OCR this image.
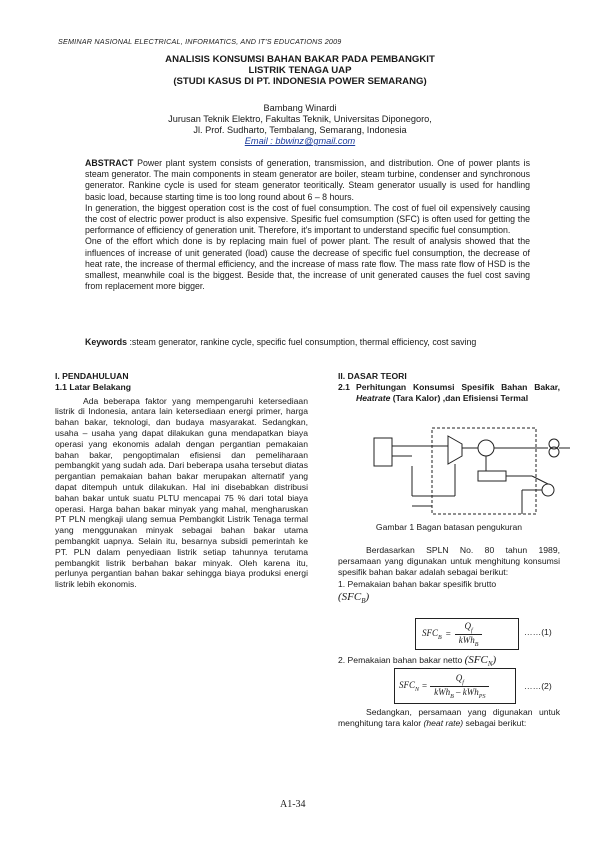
SEMINAR NASIONAL ELECTRICAL, INFORMATICS, AND IT'S EDUCATIONS 2009
ANALISIS KONSUMSI BAHAN BAKAR PADA PEMBANGKIT
LISTRIK TENAGA UAP
(STUDI KASUS DI PT. INDONESIA POWER SEMARANG)
Bambang Winardi
Jurusan Teknik Elektro, Fakultas Teknik, Universitas Diponegoro,
Jl. Prof. Sudharto, Tembalang, Semarang, Indonesia
Email : bbwinz@gmail.com
ABSTRACT Power plant system consists of generation, transmission, and distribution. One of power plants is steam generator. The main components in steam generator are boiler, steam turbine, condenser and synchronous generator. Rankine cycle is used for steam generator teoritically. Steam generator usually is used for handling basic load, because starting time is too long round about 6 – 8 hours.
In generation, the biggest operation cost is the cost of fuel consumption. The cost of fuel oil expensively causing the cost of electric power product is also expensive. Spesific fuel comsumption (SFC) is often used for getting the performance of efficiency of generation unit. Therefore, it's important to understand specific fuel consumption.
One of the effort which done is by replacing main fuel of power plant. The result of analysis showed that the influences of increase of unit generated (load) cause the decrease of specific fuel consumption, the decrease of heat rate, the increase of thermal efficiency, and the increase of mass rate flow. The mass rate flow of HSD is the smallest, meanwhile coal is the biggest. Beside that, the increase of unit generated causes the fuel cost saving from replacement more bigger.
Keywords :steam generator, rankine cycle, specific fuel consumption, thermal efficiency, cost saving
I. PENDAHULUAN
1.1 Latar Belakang
Ada beberapa faktor yang mempengaruhi ketersediaan listrik di Indonesia, antara lain ketersediaan energi primer, harga bahan bakar, teknologi, dan budaya masyarakat. Sedangkan, usaha – usaha yang dapat dilakukan guna mendapatkan biaya operasi yang ekonomis adalah dengan pergantian pemakaian bahan bakar, pengoptimalan efisiensi dan pemeliharaan pembangkit yang sudah ada. Dari beberapa usaha tersebut diatas pergantian pemakaian bahan bakar merupakan alternatif yang dapat ditempuh untuk dilakukan. Hal ini disebabkan distribusi bahan bakar untuk suatu PLTU mencapai 75 % dari total biaya operasi. Harga bahan bakar minyak yang mahal, mengharuskan PT PLN mengkaji ulang semua Pembangkit Listrik Tenaga termal yang menggunakan minyak sebagai bahan bakar utama pembangkit uapnya. Selain itu, besarnya subsidi pemerintah ke PT. PLN dalam penyediaan listrik setiap tahunnya terutama pembangkit listrik berbahan bakar minyak. Oleh karena itu, perlunya pergantian bahan bakar sehingga biaya produksi energi listrik lebih ekonomis.
II. DASAR TEORI
2.1 Perhitungan Konsumsi Spesifik Bahan Bakar, Heatrate (Tara Kalor) ,dan Efisiensi Termal
Gambar 1 Bagan batasan pengukuran
Berdasarkan SPLN No. 80 tahun 1989, persamaan yang digunakan untuk menghitung konsumsi spesifik bahan bakar adalah sebagai berikut:
1. Pemakaian bahan bakar spesifik brutto
$(SFC_B)$
$SFC_B = \frac{Q_f}{kWh_B}$	……(1)
2. Pemakaian bahan bakar netto $(SFC_N)$
$SFC_N = \frac{Q_f}{kWh_B - kWh_{PS}}$	……(2)
Sedangkan, persamaan yang digunakan untuk menghitung tara kalor (heat rate) sebagai berikut:
A1-34
